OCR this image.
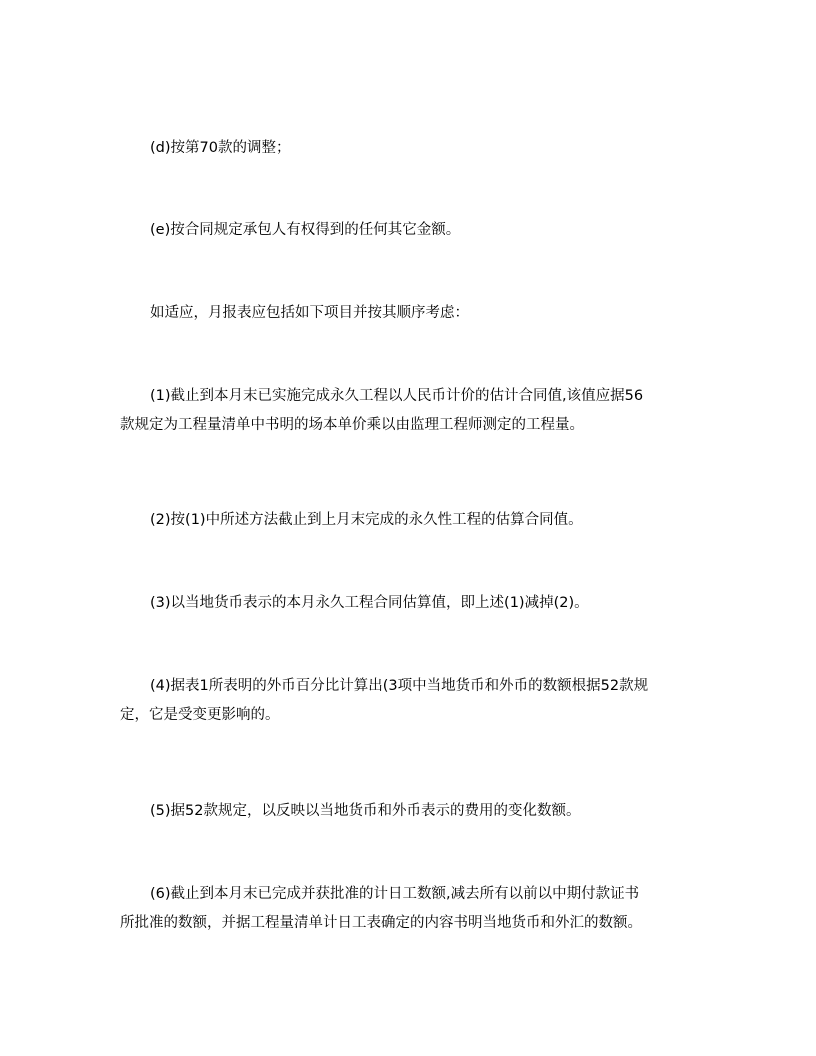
(d)按第70款的调整；
(e)按合同规定承包人有权得到的任何其它金额。
如适应，月报表应包括如下项目并按其顺序考虑：
(1)截止到本月末已实施完成永久工程以人民币计价的估计合同值,该值应据56
款规定为工程量清单中书明的场本单价乘以由监理工程师测定的工程量。
(2)按(1)中所述方法截止到上月末完成的永久性工程的估算合同值。
(3)以当地货币表示的本月永久工程合同估算值，即上述(1)减掉(2)。
(4)据表1所表明的外币百分比计算出(3项中当地货币和外币的数额根据52款规
定，它是受变更影响的。
(5)据52款规定，以反映以当地货币和外币表示的费用的变化数额。
(6)截止到本月末已完成并获批准的计日工数额,减去所有以前以中期付款证书
所批准的数额，并据工程量清单计日工表确定的内容书明当地货币和外汇的数额。
